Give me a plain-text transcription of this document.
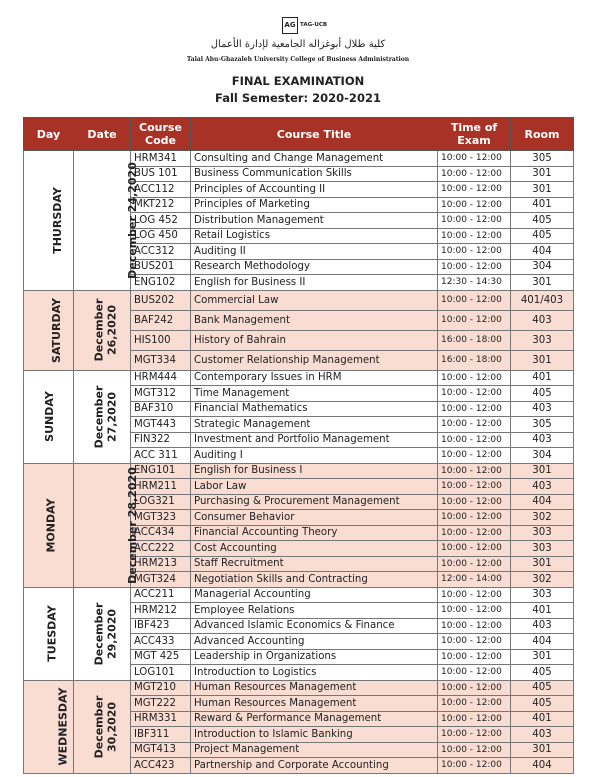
AG TAG-UCB
كلية طلال أبوغزاله الجامعية لإدارة الأعمال
Talal Abu-Ghazaleh University College of Business Administration
FINAL EXAMINATION
Fall Semester: 2020-2021
Day	Date	Course Code	Course Title	Time of Exam	Room
THURSDAY	December 24,2020	HRM341	Consulting and Change Management	10:00 - 12:00	305
		BUS 101	Business Communication Skills	10:00 - 12:00	301
		ACC112	Principles of Accounting II	10:00 - 12:00	301
		MKT212	Principles of Marketing	10:00 - 12:00	401
		LOG 452	Distribution Management	10:00 - 12:00	405
		LOG 450	Retail Logistics	10:00 - 12:00	405
		ACC312	Auditing II	10:00 - 12:00	404
		BUS201	Research Methodology	10:00 - 12:00	304
		ENG102	English for Business II	12:30 - 14:30	301
SATURDAY	December 26,2020	BUS202	Commercial Law	10:00 - 12:00	401/403
		BAF242	Bank Management	10:00 - 12:00	403
		HIS100	History of Bahrain	16:00 - 18:00	303
		MGT334	Customer Relationship Management	16:00 - 18:00	301
SUNDAY	December 27,2020	HRM444	Contemporary Issues in HRM	10:00 - 12:00	401
		MGT312	Time Management	10:00 - 12:00	405
		BAF310	Financial Mathematics	10:00 - 12:00	403
		MGT443	Strategic Management	10:00 - 12:00	305
		FIN322	Investment and Portfolio Management	10:00 - 12:00	403
		ACC 311	Auditing I	10:00 - 12:00	304
MONDAY	December 28,2020	ENG101	English for Business I	10:00 - 12:00	301
		HRM211	Labor Law	10:00 - 12:00	403
		LOG321	Purchasing & Procurement Management	10:00 - 12:00	404
		MGT323	Consumer Behavior	10:00 - 12:00	302
		ACC434	Financial Accounting Theory	10:00 - 12:00	303
		ACC222	Cost Accounting	10:00 - 12:00	303
		HRM213	Staff Recruitment	10:00 - 12:00	301
		MGT324	Negotiation Skills and Contracting	12:00 - 14:00	302
TUESDAY	December 29,2020	ACC211	Managerial Accounting	10:00 - 12:00	303
		HRM212	Employee Relations	10:00 - 12:00	401
		IBF423	Advanced Islamic Economics & Finance	10:00 - 12:00	403
		ACC433	Advanced Accounting	10:00 - 12:00	404
		MGT 425	Leadership in Organizations	10:00 - 12:00	301
		LOG101	Introduction to Logistics	10:00 - 12:00	405
WEDNESDAY	December 30,2020	MGT210	Human Resources Management	10:00 - 12:00	405
		MGT222	Human Resources Management	10:00 - 12:00	405
		HRM331	Reward & Performance Management	10:00 - 12:00	401
		IBF311	Introduction to Islamic Banking	10:00 - 12:00	403
		MGT413	Project Management	10:00 - 12:00	301
		ACC423	Partnership and Corporate Accounting	10:00 - 12:00	404
